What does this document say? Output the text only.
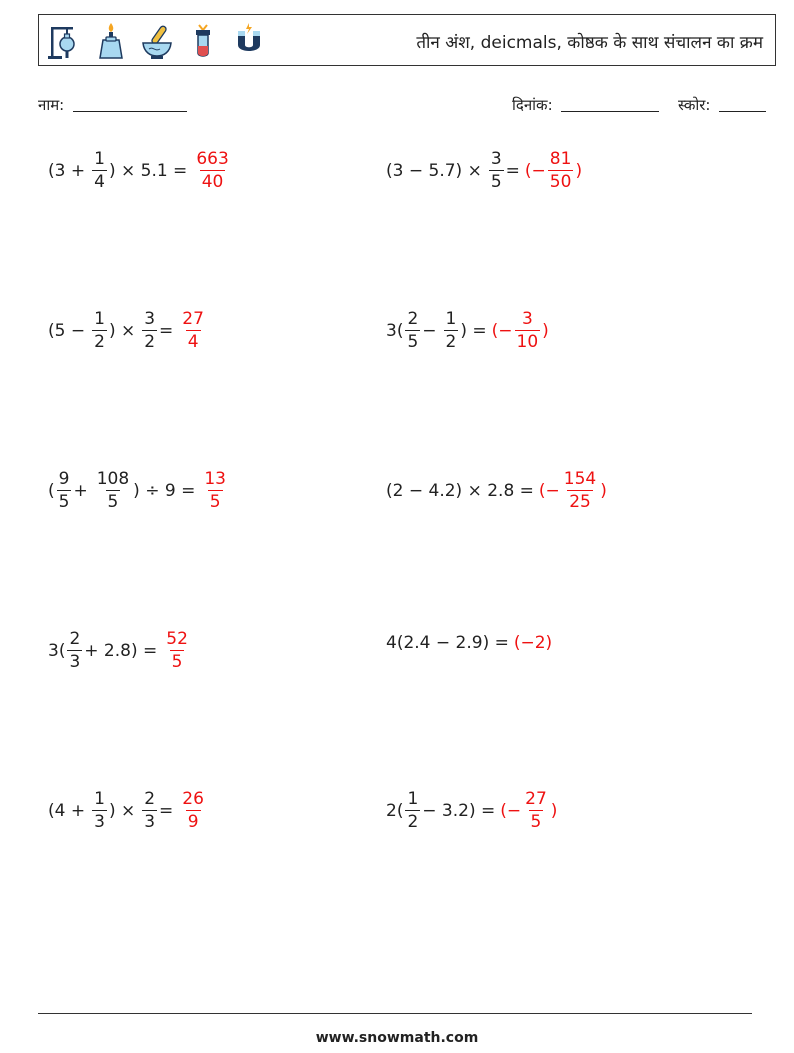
तीन अंश, deicmals, कोष्ठक के साथ संचालन का क्रम
नाम:	दिनांक:	स्कोर:
($3 + \frac{1}{4}$ ) × $5.1 = \frac{663}{40}$	$(3 - 5.7) \times \frac{3}{5}$ = (− $\frac{81}{50}$ )
($5 - \frac{1}{2}$ ) × $\frac{3}{2} = \frac{27}{4}$	$3( \frac{2}{5} - \frac{1}{2}$ ) = (− $\frac{3}{10}$ )
( $\frac{9}{5} + \frac{108}{5}$ ) ÷ $9 = \frac{13}{5}$	(2 − 4.2) × 2.8 = (− $\frac{154}{25}$ )
$3( \frac{2}{3} + 2.8) = \frac{52}{5}$	4(2.4 − 2.9) = (−2)
($4 + \frac{1}{3}$ ) × $\frac{2}{3} = \frac{26}{9}$	$2( \frac{1}{2} - 3.2)$ = (− $\frac{27}{5}$ )
www.snowmath.com
